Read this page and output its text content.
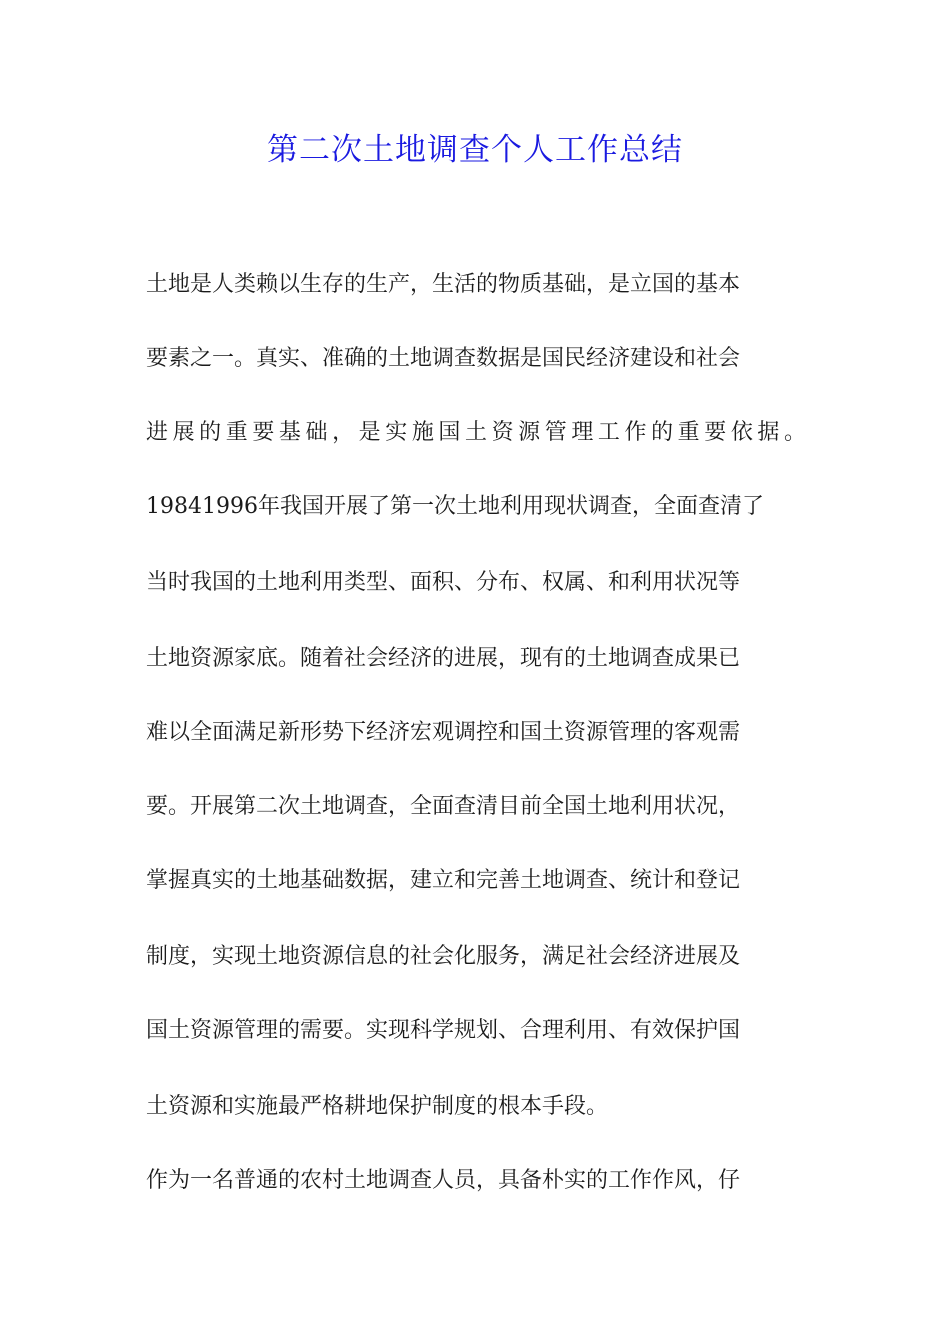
第二次土地调查个人工作总结

土地是人类赖以生存的生产，生活的物质基础，是立国的基本

要素之一。真实、准确的土地调查数据是国民经济建设和社会

进展的重要基础，是实施国土资源管理工作的重要依据。

19841996年我国开展了第一次土地利用现状调查，全面查清了

当时我国的土地利用类型、面积、分布、权属、和利用状况等

土地资源家底。随着社会经济的进展，现有的土地调查成果已

难以全面满足新形势下经济宏观调控和国土资源管理的客观需

要。开展第二次土地调查，全面查清目前全国土地利用状况，

掌握真实的土地基础数据，建立和完善土地调查、统计和登记

制度，实现土地资源信息的社会化服务，满足社会经济进展及

国土资源管理的需要。实现科学规划、合理利用、有效保护国

土资源和实施最严格耕地保护制度的根本手段。

作为一名普通的农村土地调查人员，具备朴实的工作作风，仔
